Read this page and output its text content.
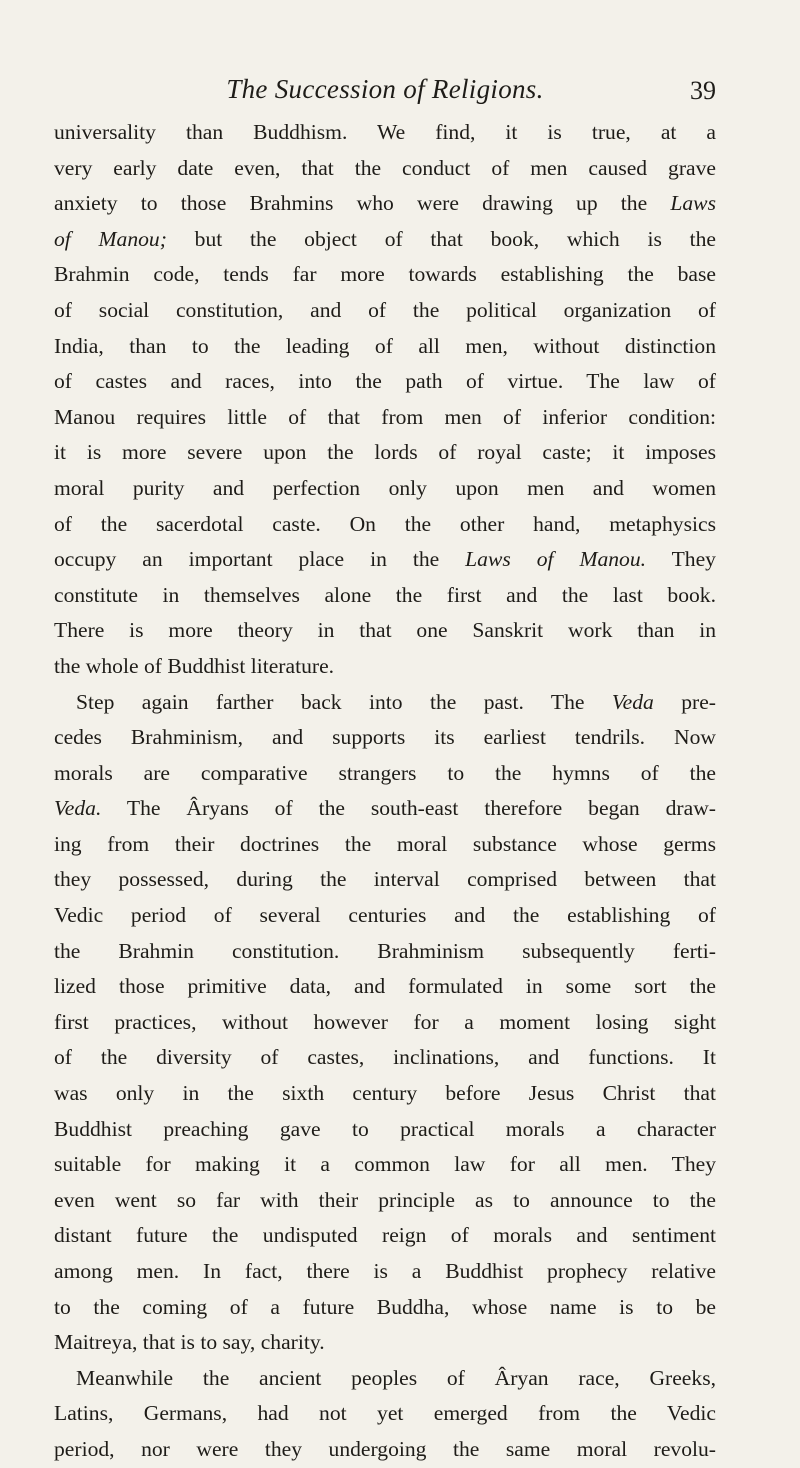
The Succession of Religions.	39
universality than Buddhism. We find, it is true, at a
very early date even, that the conduct of men caused grave
anxiety to those Brahmins who were drawing up the Laws
of Manou; but the object of that book, which is the
Brahmin code, tends far more towards establishing the base
of social constitution, and of the political organization of
India, than to the leading of all men, without distinction
of castes and races, into the path of virtue. The law of
Manou requires little of that from men of inferior condition:
it is more severe upon the lords of royal caste; it imposes
moral purity and perfection only upon men and women
of the sacerdotal caste. On the other hand, metaphysics
occupy an important place in the Laws of Manou. They
constitute in themselves alone the first and the last book.
There is more theory in that one Sanskrit work than in
the whole of Buddhist literature.
Step again farther back into the past. The Veda pre-
cedes Brahminism, and supports its earliest tendrils. Now
morals are comparative strangers to the hymns of the
Veda. The Âryans of the south-east therefore began draw-
ing from their doctrines the moral substance whose germs
they possessed, during the interval comprised between that
Vedic period of several centuries and the establishing of
the Brahmin constitution. Brahminism subsequently ferti-
lized those primitive data, and formulated in some sort the
first practices, without however for a moment losing sight
of the diversity of castes, inclinations, and functions. It
was only in the sixth century before Jesus Christ that
Buddhist preaching gave to practical morals a character
suitable for making it a common law for all men. They
even went so far with their principle as to announce to the
distant future the undisputed reign of morals and sentiment
among men. In fact, there is a Buddhist prophecy relative
to the coming of a future Buddha, whose name is to be
Maitreya, that is to say, charity.
Meanwhile the ancient peoples of Âryan race, Greeks,
Latins, Germans, had not yet emerged from the Vedic
period, nor were they undergoing the same moral revolu-
